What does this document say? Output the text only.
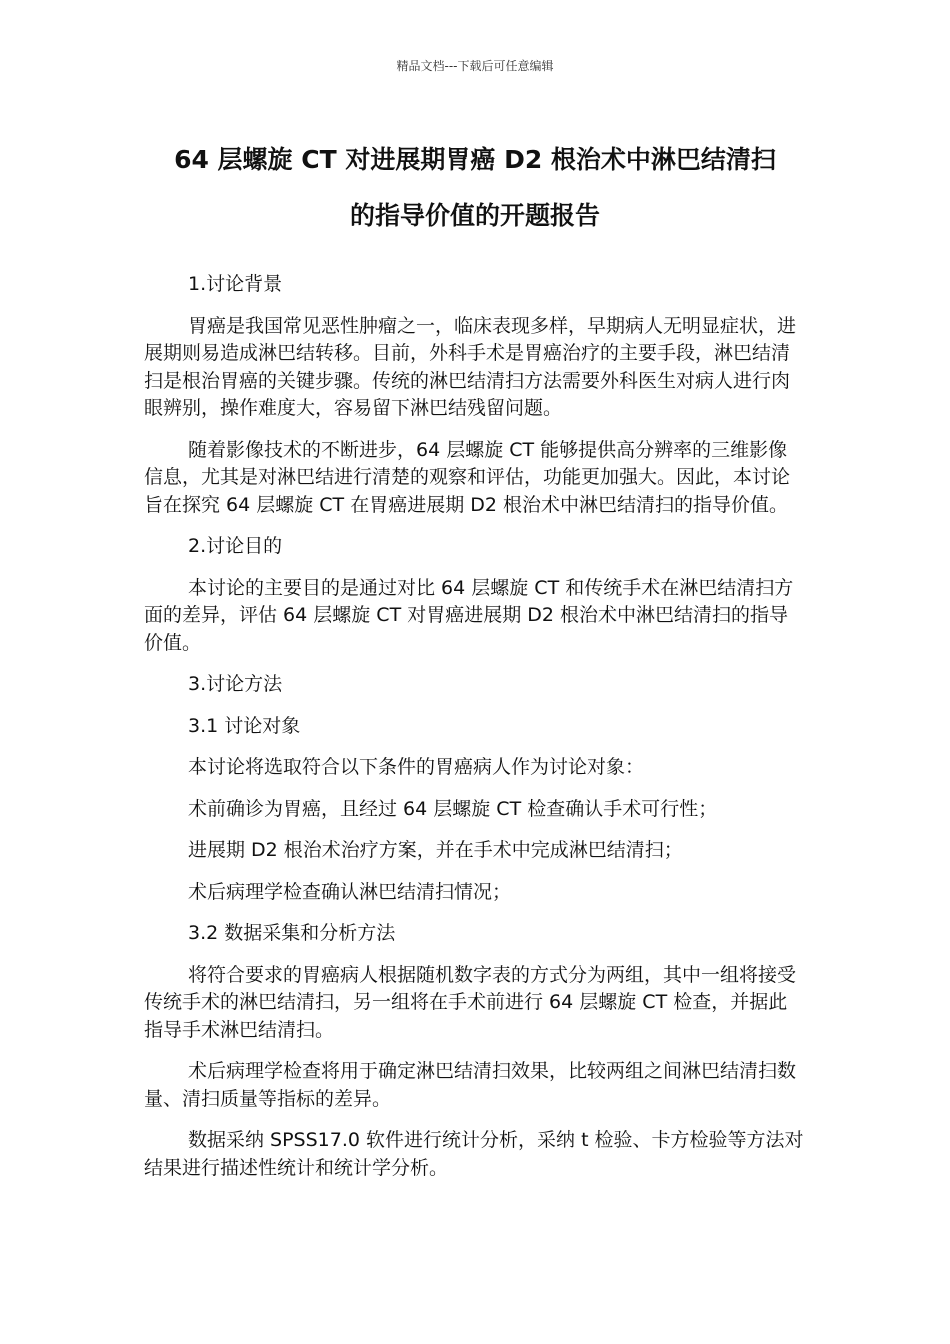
精品文档---下载后可任意编辑
64 层螺旋 CT 对进展期胃癌 D2 根治术中淋巴结清扫
的指导价值的开题报告

1.讨论背景

胃癌是我国常见恶性肿瘤之一，临床表现多样，早期病人无明显症状，进展期则易造成淋巴结转移。目前，外科手术是胃癌治疗的主要手段，淋巴结清扫是根治胃癌的关键步骤。传统的淋巴结清扫方法需要外科医生对病人进行肉眼辨别，操作难度大，容易留下淋巴结残留问题。

随着影像技术的不断进步，64 层螺旋 CT 能够提供高分辨率的三维影像信息，尤其是对淋巴结进行清楚的观察和评估，功能更加强大。因此，本讨论旨在探究 64 层螺旋 CT 在胃癌进展期 D2 根治术中淋巴结清扫的指导价值。

2.讨论目的

本讨论的主要目的是通过对比 64 层螺旋 CT 和传统手术在淋巴结清扫方面的差异，评估 64 层螺旋 CT 对胃癌进展期 D2 根治术中淋巴结清扫的指导价值。

3.讨论方法

3.1 讨论对象

本讨论将选取符合以下条件的胃癌病人作为讨论对象：

术前确诊为胃癌，且经过 64 层螺旋 CT 检查确认手术可行性；

进展期 D2 根治术治疗方案，并在手术中完成淋巴结清扫；

术后病理学检查确认淋巴结清扫情况；

3.2 数据采集和分析方法

将符合要求的胃癌病人根据随机数字表的方式分为两组，其中一组将接受传统手术的淋巴结清扫，另一组将在手术前进行 64 层螺旋 CT 检查，并据此指导手术淋巴结清扫。

术后病理学检查将用于确定淋巴结清扫效果，比较两组之间淋巴结清扫数量、清扫质量等指标的差异。

数据采纳 SPSS17.0 软件进行统计分析，采纳 t 检验、卡方检验等方法对结果进行描述性统计和统计学分析。
